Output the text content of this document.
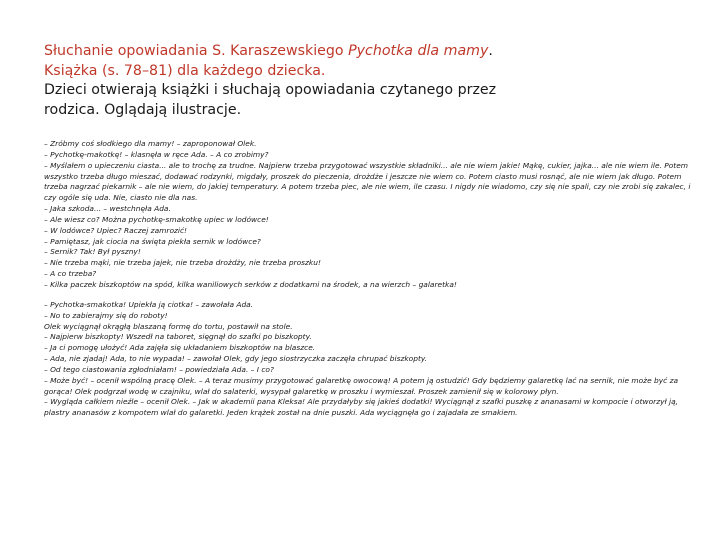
Słuchanie opowiadania S. Karaszewskiego Pychotka dla mamy.
Książka (s. 78–81) dla każdego dziecka.
Dzieci otwierają książki i słuchają opowiadania czytanego przez
rodzica. Oglądają ilustracje.

– Zróbmy coś słodkiego dla mamy! – zaproponował Olek.

– Pychotkę-makotkę! – klasnęła w ręce Ada. – A co zrobimy?

– Myślałem o upieczeniu ciasta... ale to trochę za trudne. Najpierw trzeba przygotować wszystkie składniki... ale nie wiem jakie! Mąkę, cukier, jajka... ale nie wiem ile. Potem wszystko trzeba długo mieszać, dodawać rodzynki, migdały, proszek do pieczenia, drożdże i jeszcze nie wiem co. Potem ciasto musi rosnąć, ale nie wiem jak długo. Potem trzeba nagrzać piekarnik – ale nie wiem, do jakiej temperatury. A potem trzeba piec, ale nie wiem, ile czasu. I nigdy nie wiadomo, czy się nie spali, czy nie zrobi się zakalec, i czy ogóle się uda. Nie, ciasto nie dla nas.

– Jaka szkoda... – westchnęła Ada.

– Ale wiesz co? Można pychotkę-smakotkę upiec w lodówce!

– W lodówce? Upiec? Raczej zamrozić!

– Pamiętasz, jak ciocia na święta piekła sernik w lodówce?

– Sernik? Tak! Był pyszny!

– Nie trzeba mąki, nie trzeba jajek, nie trzeba drożdży, nie trzeba proszku!

– A co trzeba?

– Kilka paczek biszkoptów na spód, kilka waniliowych serków z dodatkami na środek, a na wierzch – galaretka!

– Pychotka-smakotka! Upiekła ją ciotka! – zawołała Ada.

– No to zabierajmy się do roboty!

Olek wyciągnął okrągłą blaszaną formę do tortu, postawił na stole.

– Najpierw biszkopty! Wszedł na taboret, sięgnął do szafki po biszkopty.

– Ja ci pomogę ułożyć! Ada zajęła się układaniem biszkoptów na blaszce.

– Ada, nie zjadaj! Ada, to nie wypada! – zawołał Olek, gdy jego siostrzyczka zaczęła chrupać biszkopty.

– Od tego ciastowania zgłodniałam! – powiedziała Ada. – I co?

– Może być! – ocenił wspólną pracę Olek. – A teraz musimy przygotować galaretkę owocową! A potem ją ostudzić! Gdy będziemy galaretkę lać na sernik, nie może być za gorąca! Olek podgrzał wodę w czajniku, wlał do salaterki, wysypał galaretkę w proszku i wymieszał. Proszek zamienił się w kolorowy płyn.

– Wygląda całkiem nieźle – ocenił Olek. – Jak w akademii pana Kleksa! Ale przydałyby się jakieś dodatki! Wyciągnął z szafki puszkę z ananasami w kompocie i otworzył ją, plastry ananasów z kompotem wlał do galaretki. Jeden krążek został na dnie puszki. Ada wyciągnęła go i zajadała ze smakiem.
